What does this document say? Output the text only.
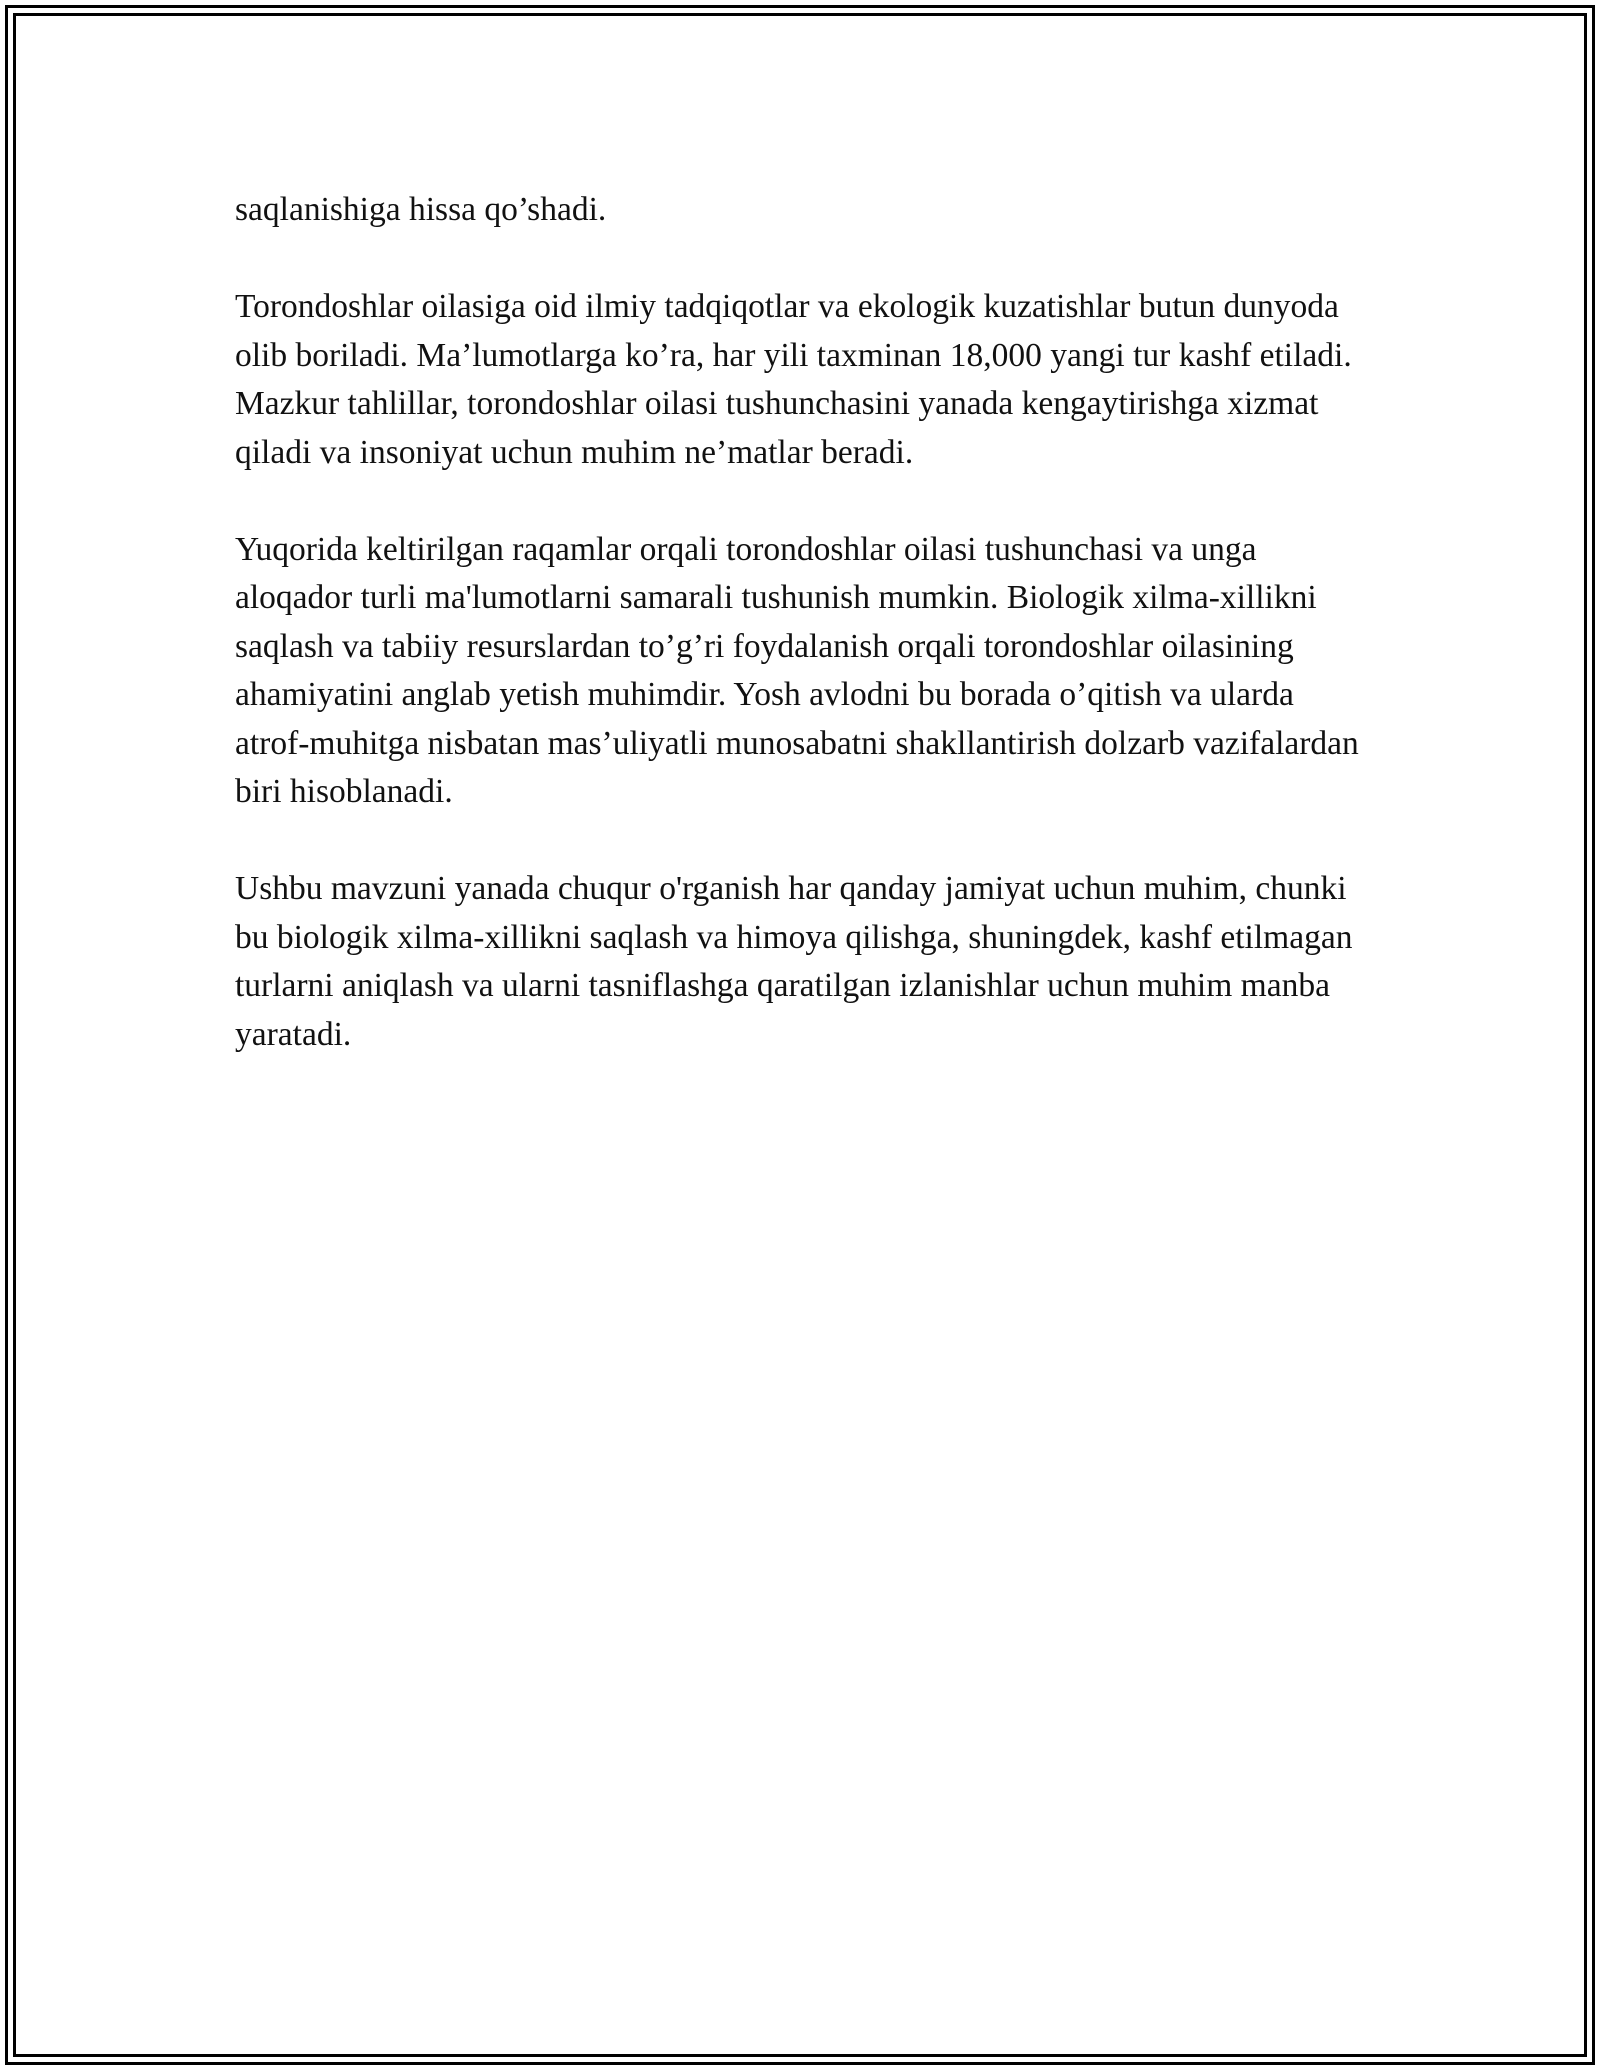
saqlanishiga hissa qo’shadi.

Torondoshlar oilasiga oid ilmiy tadqiqotlar va ekologik kuzatishlar butun dunyoda olib boriladi. Ma’lumotlarga ko’ra, har yili taxminan 18,000 yangi tur kashf etiladi. Mazkur tahlillar, torondoshlar oilasi tushunchasini yanada kengaytirishga xizmat qiladi va insoniyat uchun muhim ne’matlar beradi.

Yuqorida keltirilgan raqamlar orqali torondoshlar oilasi tushunchasi va unga aloqador turli ma'lumotlarni samarali tushunish mumkin. Biologik xilma-xillikni saqlash va tabiiy resurslardan to’g’ri foydalanish orqali torondoshlar oilasining ahamiyatini anglab yetish muhimdir. Yosh avlodni bu borada o’qitish va ularda atrof-muhitga nisbatan mas’uliyatli munosabatni shakllantirish dolzarb vazifalardan biri hisoblanadi.

Ushbu mavzuni yanada chuqur o'rganish har qanday jamiyat uchun muhim, chunki bu biologik xilma-xillikni saqlash va himoya qilishga, shuningdek, kashf etilmagan turlarni aniqlash va ularni tasniflashga qaratilgan izlanishlar uchun muhim manba yaratadi.
